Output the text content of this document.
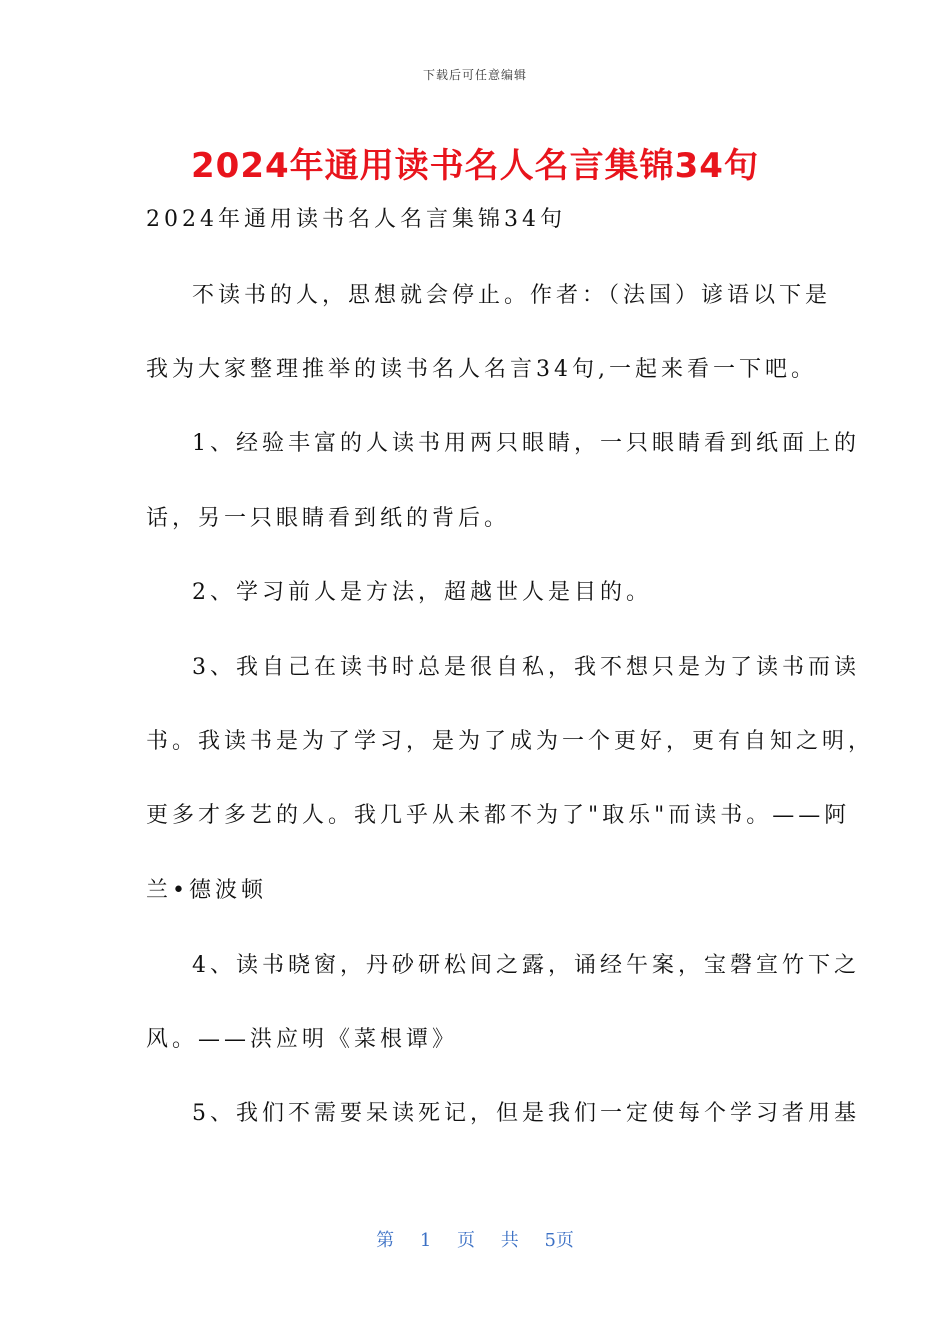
下载后可任意编辑
2024年通用读书名人名言集锦34句
2024年通用读书名人名言集锦34句
不读书的人，思想就会停止。作者：（法国）谚语以下是
我为大家整理推举的读书名人名言34句,一起来看一下吧。
1、经验丰富的人读书用两只眼睛，一只眼睛看到纸面上的
话，另一只眼睛看到纸的背后。
2、学习前人是方法，超越世人是目的。
3、我自己在读书时总是很自私，我不想只是为了读书而读
书。我读书是为了学习，是为了成为一个更好，更有自知之明，
更多才多艺的人。我几乎从未都不为了"取乐"而读书。——阿
兰•德波顿
4、读书晓窗，丹砂研松间之露，诵经午案，宝磬宣竹下之
风。——洪应明《菜根谭》
5、我们不需要呆读死记，但是我们一定使每个学习者用基
第 1 页 共 5页
